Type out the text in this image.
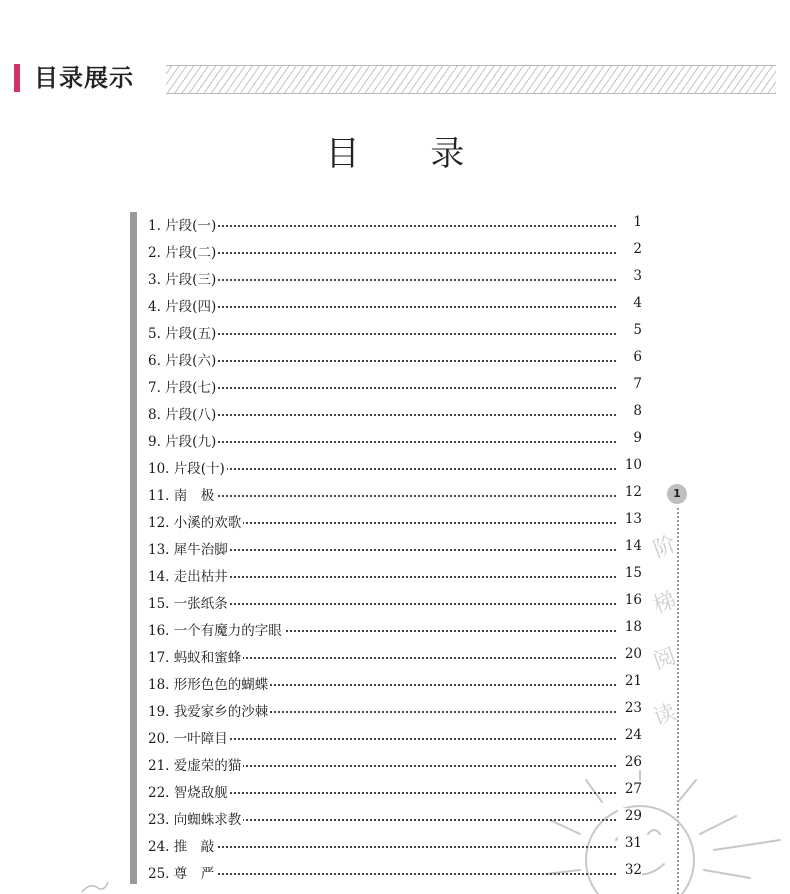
目录展示
目 录
1. 片段(一)	1
2. 片段(二)	2
3. 片段(三)	3
4. 片段(四)	4
5. 片段(五)	5
6. 片段(六)	6
7. 片段(七)	7
8. 片段(八)	8
9. 片段(九)	9
10. 片段(十)	10
11. 南　极	12
12. 小溪的欢歌	13
13. 犀牛治脚	14
14. 走出枯井	15
15. 一张纸条	16
16. 一个有魔力的字眼	18
17. 蚂蚁和蜜蜂	20
18. 形形色色的蝴蝶	21
19. 我爱家乡的沙棘	23
20. 一叶障目	24
21. 爱虚荣的猫	26
22. 智烧敌舰	27
23. 向蜘蛛求教	29
24. 推　敲	31
25. 尊　严	32
1
阶
梯
阅
读
